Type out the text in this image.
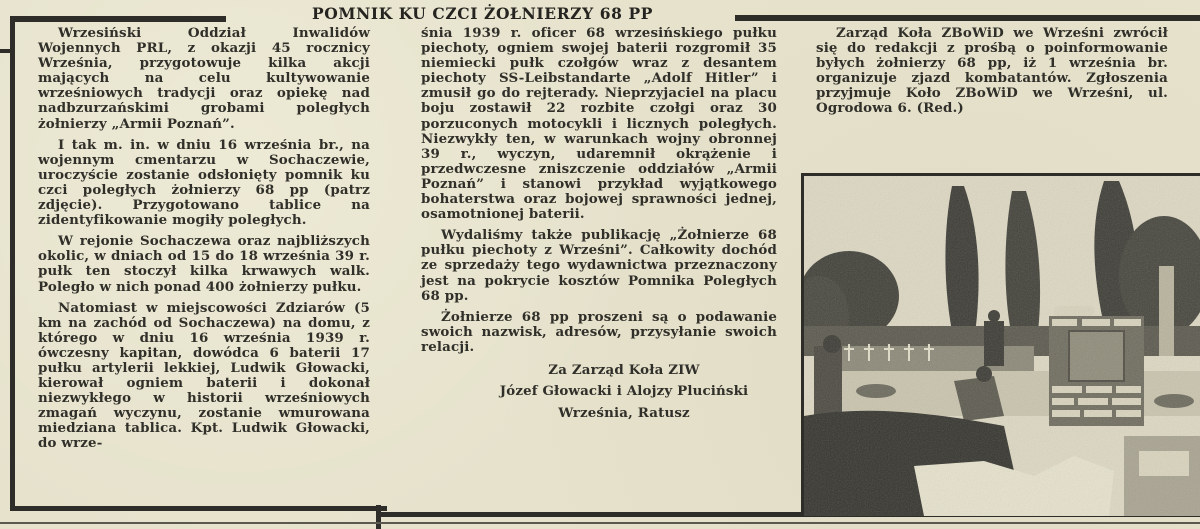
POMNIK KU CZCI ŻOŁNIERZY 68 PP

Wrzesiński Oddział Inwalidów Wojennych PRL, z okazji 45 rocznicy Września, przygotowuje kilka akcji mających na celu kultywowanie wrześniowych tradycji oraz opiekę nad nadbzurzańskimi grobami poległych żołnierzy „Armii Poznań”.

I tak m. in. w dniu 16 września br., na wojennym cmentarzu w Sochaczewie, uroczyście zostanie odsłonięty pomnik ku czci poległych żołnierzy 68 pp (patrz zdjęcie). Przygotowano tablice na zidentyfikowanie mogiły poległych.

W rejonie Sochaczewa oraz najbliższych okolic, w dniach od 15 do 18 września 39 r. pułk ten stoczył kilka krwawych walk. Poległo w nich ponad 400 żołnierzy pułku.

Natomiast w miejscowości Zdziarów (5 km na zachód od Sochaczewa) na domu, z którego w dniu 16 września 1939 r. ówczesny kapitan, dowódca 6 baterii 17 pułku artylerii lekkiej, Ludwik Głowacki, kierował ogniem baterii i dokonał niezwykłego w historii wrześniowych zmagań wyczynu, zostanie wmurowana miedziana tablica. Kpt. Ludwik Głowacki, do wrze-

śnia 1939 r. oficer 68 wrzesińskiego pułku piechoty, ogniem swojej baterii rozgromił 35 niemiecki pułk czołgów wraz z desantem piechoty SS-Leibstandarte „Adolf Hitler” i zmusił go do rejterady. Nieprzyjaciel na placu boju zostawił 22 rozbite czołgi oraz 30 porzuconych motocykli i licznych poległych. Niezwykły ten, w warunkach wojny obronnej 39 r., wyczyn, udaremnił okrążenie i przedwczesne zniszczenie oddziałów „Armii Poznań” i stanowi przykład wyjątkowego bohaterstwa oraz bojowej sprawności jednej, osamotnionej baterii.

Wydaliśmy także publikację „Żołnierze 68 pułku piechoty z Wrześni”. Całkowity dochód ze sprzedaży tego wydawnictwa przeznaczony jest na pokrycie kosztów Pomnika Poległych 68 pp.

Żołnierze 68 pp proszeni są o podawanie swoich nazwisk, adresów, przysyłanie swoich relacji.

Za Zarząd Koła ZIW

Józef Głowacki i Alojzy Pluciński

Września, Ratusz

Zarząd Koła ZBoWiD we Wrześni zwrócił się do redakcji z prośbą o poinformowanie byłych żołnierzy 68 pp, iż 1 września br. organizuje zjazd kombatantów. Zgłoszenia przyjmuje Koło ZBoWiD we Wrześni, ul. Ogrodowa 6. (Red.)
